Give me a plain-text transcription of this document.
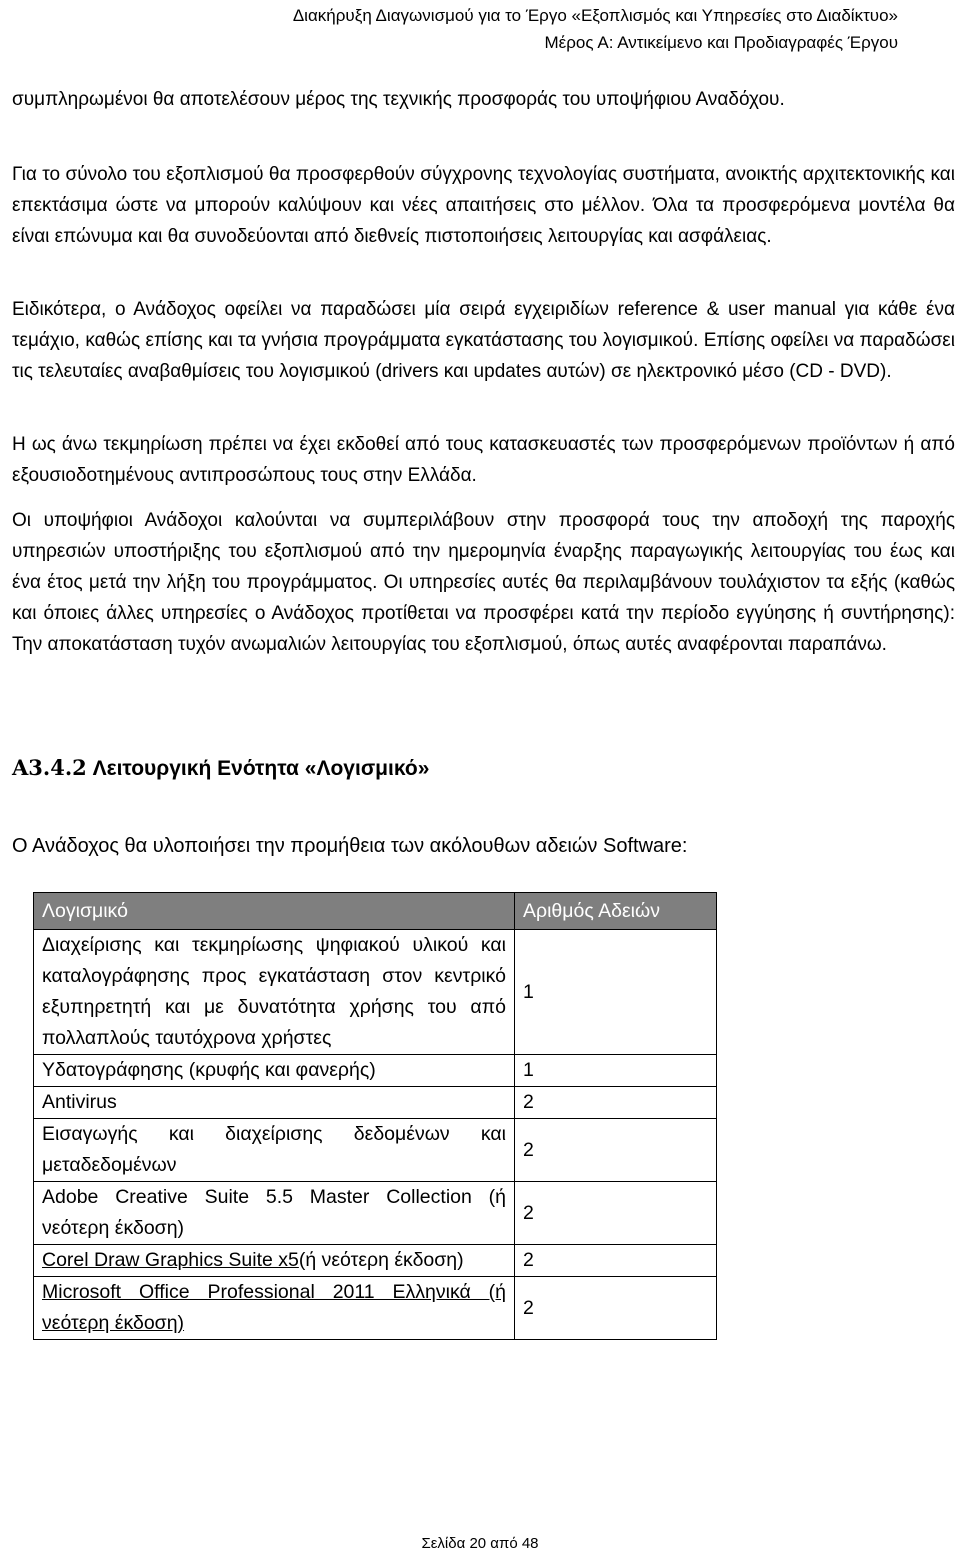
Διακήρυξη Διαγωνισμού για το Έργο «Εξοπλισμός και Υπηρεσίες στο Διαδίκτυο»
Μέρος Α: Αντικείμενο και Προδιαγραφές Έργου

συμπληρωμένοι θα αποτελέσουν μέρος της τεχνικής προσφοράς του υποψήφιου Αναδόχου.

Για το σύνολο του εξοπλισμού θα προσφερθούν σύγχρονης τεχνολογίας συστήματα, ανοικτής αρχιτεκτονικής και επεκτάσιμα ώστε να μπορούν καλύψουν και νέες απαιτήσεις στο μέλλον. Όλα τα προσφερόμενα μοντέλα θα είναι επώνυμα και θα συνοδεύονται από διεθνείς πιστοποιήσεις λειτουργίας και ασφάλειας.

Ειδικότερα, ο Ανάδοχος οφείλει να παραδώσει μία σειρά εγχειριδίων reference & user manual για κάθε ένα τεμάχιο, καθώς επίσης και τα γνήσια προγράμματα εγκατάστασης του λογισμικού. Επίσης οφείλει να παραδώσει τις τελευταίες αναβαθμίσεις του λογισμικού (drivers και updates αυτών) σε ηλεκτρονικό μέσο (CD - DVD).

Η ως άνω τεκμηρίωση πρέπει να έχει εκδοθεί από τους κατασκευαστές των προσφερόμενων προϊόντων ή από εξουσιοδοτημένους αντιπροσώπους τους στην Ελλάδα.

Οι υποψήφιοι Ανάδοχοι καλούνται να συμπεριλάβουν στην προσφορά τους την αποδοχή της παροχής υπηρεσιών υποστήριξης του εξοπλισμού από την ημερομηνία έναρξης παραγωγικής λειτουργίας του έως και ένα έτος μετά την λήξη του προγράμματος. Οι υπηρεσίες αυτές θα περιλαμβάνουν τουλάχιστον τα εξής (καθώς και όποιες άλλες υπηρεσίες ο Ανάδοχος προτίθεται να προσφέρει κατά την περίοδο εγγύησης ή συντήρησης): Την αποκατάσταση τυχόν ανωμαλιών λειτουργίας του εξοπλισμού, όπως αυτές αναφέρονται παραπάνω.

A3.4.2 Λειτουργική Ενότητα «Λογισμικό»
Ο Ανάδοχος θα υλοποιήσει την προμήθεια των ακόλουθων αδειών Software:
Λογισμικό	Αριθμός Αδειών
Διαχείρισης και τεκμηρίωσης ψηφιακού υλικού και καταλογράφησης προς εγκατάσταση στον κεντρικό εξυπηρετητή και με δυνατότητα χρήσης του από πολλαπλούς ταυτόχρονα χρήστες	1
Υδατογράφησης (κρυφής και φανερής)	1
Antivirus	2
Εισαγωγής και διαχείρισης δεδομένων και μεταδεδομένων	2
Adobe Creative Suite 5.5 Master Collection (ή νεότερη έκδοση)	2
Corel Draw Graphics Suite x5(ή νεότερη έκδοση)	2
Microsoft Office Professional 2011 Ελληνικά (ή νεότερη έκδοση)	2
Σελίδα 20 από 48
